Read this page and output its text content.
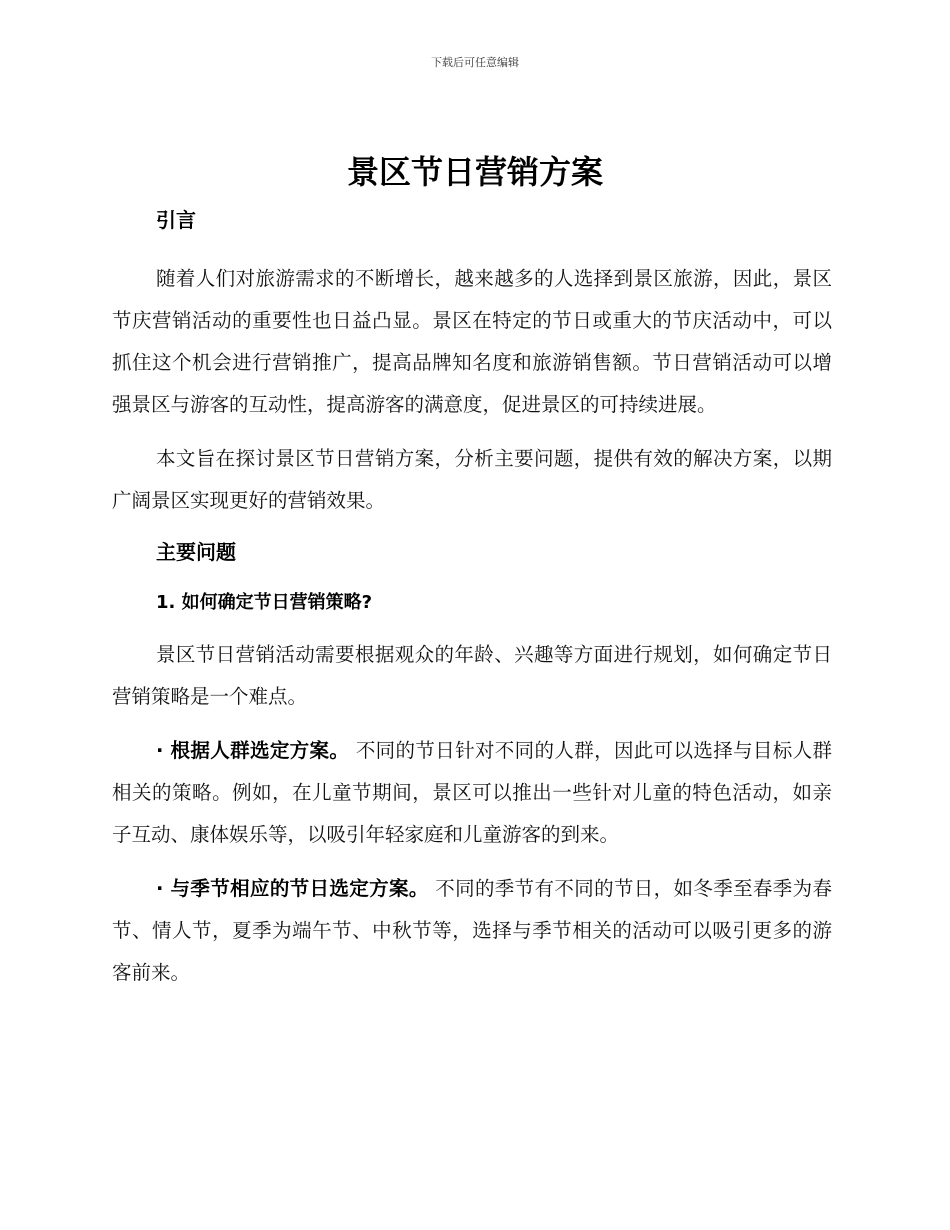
下载后可任意编辑
景区节日营销方案
引言

随着人们对旅游需求的不断增长，越来越多的人选择到景区旅游，因此，景区节庆营销活动的重要性也日益凸显。景区在特定的节日或重大的节庆活动中，可以抓住这个机会进行营销推广，提高品牌知名度和旅游销售额。节日营销活动可以增强景区与游客的互动性，提高游客的满意度，促进景区的可持续进展。

本文旨在探讨景区节日营销方案，分析主要问题，提供有效的解决方案，以期广阔景区实现更好的营销效果。

主要问题
1. 如何确定节日营销策略?

景区节日营销活动需要根据观众的年龄、兴趣等方面进行规划，如何确定节日营销策略是一个难点。

· 根据人群选定方案。 不同的节日针对不同的人群，因此可以选择与目标人群相关的策略。例如，在儿童节期间，景区可以推出一些针对儿童的特色活动，如亲子互动、康体娱乐等，以吸引年轻家庭和儿童游客的到来。

· 与季节相应的节日选定方案。 不同的季节有不同的节日，如冬季至春季为春节、情人节，夏季为端午节、中秋节等，选择与季节相关的活动可以吸引更多的游客前来。
